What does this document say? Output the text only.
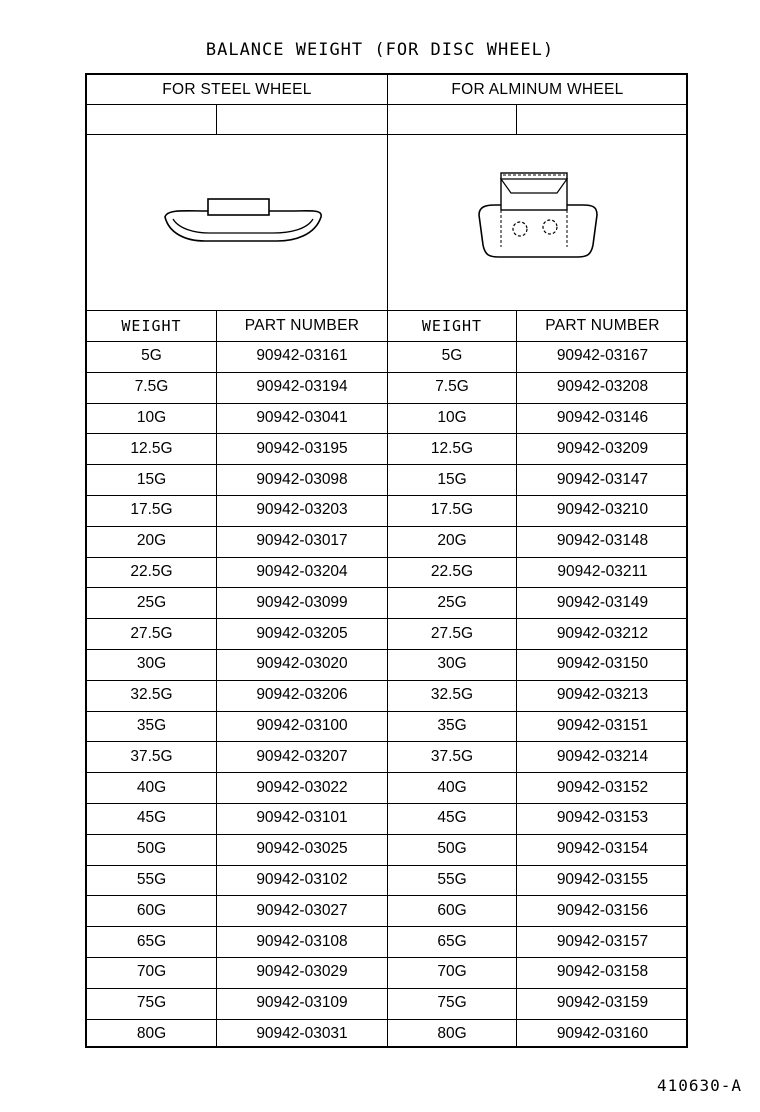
BALANCE WEIGHT (FOR DISC WHEEL)
FOR STEEL WHEEL	FOR ALMINUM WHEEL
WEIGHT	PART NUMBER	WEIGHT	PART NUMBER
5G	90942-03161	5G	90942-03167
7.5G	90942-03194	7.5G	90942-03208
10G	90942-03041	10G	90942-03146
12.5G	90942-03195	12.5G	90942-03209
15G	90942-03098	15G	90942-03147
17.5G	90942-03203	17.5G	90942-03210
20G	90942-03017	20G	90942-03148
22.5G	90942-03204	22.5G	90942-03211
25G	90942-03099	25G	90942-03149
27.5G	90942-03205	27.5G	90942-03212
30G	90942-03020	30G	90942-03150
32.5G	90942-03206	32.5G	90942-03213
35G	90942-03100	35G	90942-03151
37.5G	90942-03207	37.5G	90942-03214
40G	90942-03022	40G	90942-03152
45G	90942-03101	45G	90942-03153
50G	90942-03025	50G	90942-03154
55G	90942-03102	55G	90942-03155
60G	90942-03027	60G	90942-03156
65G	90942-03108	65G	90942-03157
70G	90942-03029	70G	90942-03158
75G	90942-03109	75G	90942-03159
80G	90942-03031	80G	90942-03160
410630-A
